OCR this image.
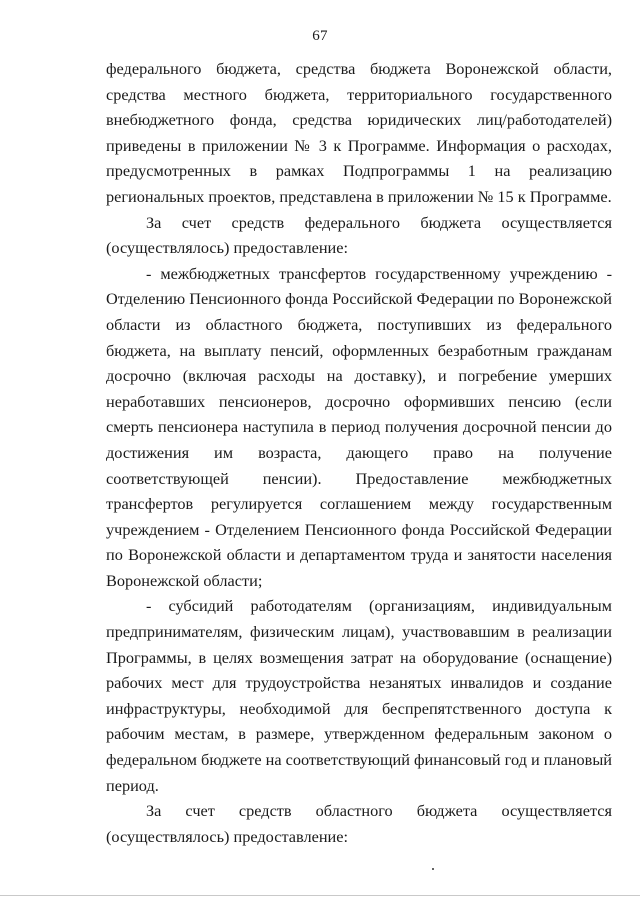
67

федерального бюджета, средства бюджета Воронежской области, средства местного бюджета, территориального государственного внебюджетного фонда, средства юридических лиц/работодателей) приведены в приложении № 3 к Программе. Информация о расходах, предусмотренных в рамках Подпрограммы 1 на реализацию региональных проектов, представлена в приложении № 15 к Программе.

За счет средств федерального бюджета осуществляется (осуществлялось) предоставление:

- межбюджетных трансфертов государственному учреждению - Отделению Пенсионного фонда Российской Федерации по Воронежской области из областного бюджета, поступивших из федерального бюджета, на выплату пенсий, оформленных безработным гражданам досрочно (включая расходы на доставку), и погребение умерших неработавших пенсионеров, досрочно оформивших пенсию (если смерть пенсионера наступила в период получения досрочной пенсии до достижения им возраста, дающего право на получение соответствующей пенсии). Предоставление межбюджетных трансфертов регулируется соглашением между государственным учреждением - Отделением Пенсионного фонда Российской Федерации по Воронежской области и департаментом труда и занятости населения Воронежской области;

- субсидий работодателям (организациям, индивидуальным предпринимателям, физическим лицам), участвовавшим в реализации Программы, в целях возмещения затрат на оборудование (оснащение) рабочих мест для трудоустройства незанятых инвалидов и создание инфраструктуры, необходимой для беспрепятственного доступа к рабочим местам, в размере, утвержденном федеральным законом о федеральном бюджете на соответствующий финансовый год и плановый период.

За счет средств областного бюджета осуществляется (осуществлялось) предоставление:
